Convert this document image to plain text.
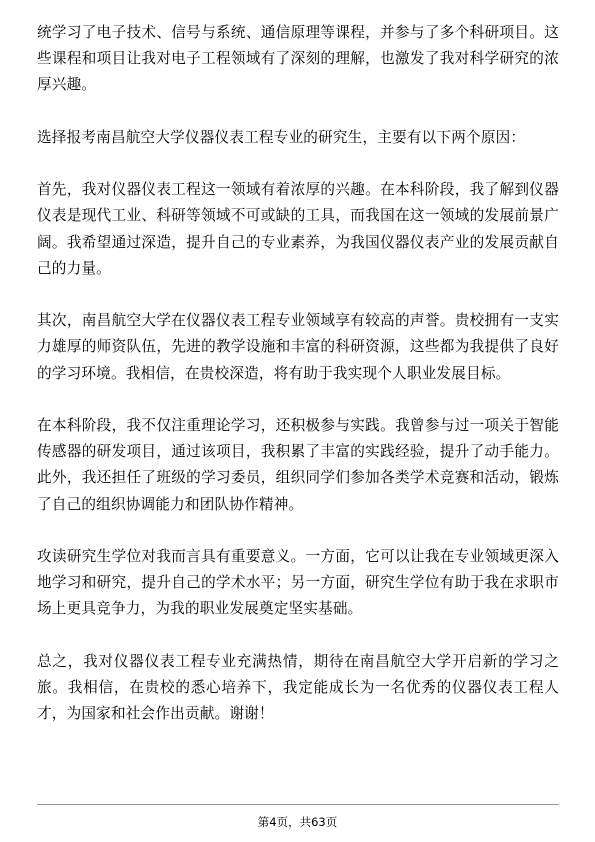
统学习了电子技术、信号与系统、通信原理等课程，并参与了多个科研项目。这些课程和项目让我对电子工程领域有了深刻的理解，也激发了我对科学研究的浓厚兴趣。

选择报考南昌航空大学仪器仪表工程专业的研究生，主要有以下两个原因：

首先，我对仪器仪表工程这一领域有着浓厚的兴趣。在本科阶段，我了解到仪器仪表是现代工业、科研等领域不可或缺的工具，而我国在这一领域的发展前景广阔。我希望通过深造，提升自己的专业素养，为我国仪器仪表产业的发展贡献自己的力量。

其次，南昌航空大学在仪器仪表工程专业领域享有较高的声誉。贵校拥有一支实力雄厚的师资队伍，先进的教学设施和丰富的科研资源，这些都为我提供了良好的学习环境。我相信，在贵校深造，将有助于我实现个人职业发展目标。

在本科阶段，我不仅注重理论学习，还积极参与实践。我曾参与过一项关于智能传感器的研发项目，通过该项目，我积累了丰富的实践经验，提升了动手能力。此外，我还担任了班级的学习委员，组织同学们参加各类学术竞赛和活动，锻炼了自己的组织协调能力和团队协作精神。

攻读研究生学位对我而言具有重要意义。一方面，它可以让我在专业领域更深入地学习和研究，提升自己的学术水平；另一方面，研究生学位有助于我在求职市场上更具竞争力，为我的职业发展奠定坚实基础。

总之，我对仪器仪表工程专业充满热情，期待在南昌航空大学开启新的学习之旅。我相信，在贵校的悉心培养下，我定能成长为一名优秀的仪器仪表工程人才，为国家和社会作出贡献。谢谢！

第4页，共63页
